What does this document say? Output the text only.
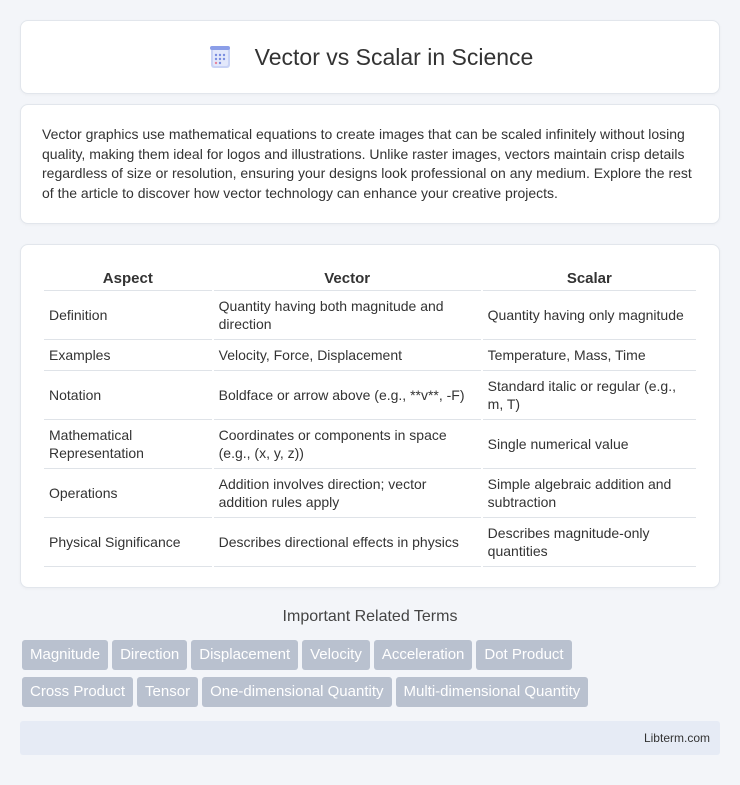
Vector vs Scalar in Science

Vector graphics use mathematical equations to create images that can be scaled infinitely without losing quality, making them ideal for logos and illustrations. Unlike raster images, vectors maintain crisp details regardless of size or resolution, ensuring your designs look professional on any medium. Explore the rest of the article to discover how vector technology can enhance your creative projects.

Aspect	Vector	Scalar
Definition	Quantity having both magnitude and direction	Quantity having only magnitude
Examples	Velocity, Force, Displacement	Temperature, Mass, Time
Notation	Boldface or arrow above (e.g., **v**, -F)	Standard italic or regular (e.g., m, T)
Mathematical Representation	Coordinates or components in space (e.g., (x, y, z))	Single numerical value
Operations	Addition involves direction; vector addition rules apply	Simple algebraic addition and subtraction
Physical Significance	Describes directional effects in physics	Describes magnitude-only quantities
Important Related Terms
Magnitude Direction Displacement Velocity Acceleration Dot Product
Cross Product Tensor One-dimensional Quantity Multi-dimensional Quantity
Libterm.com
